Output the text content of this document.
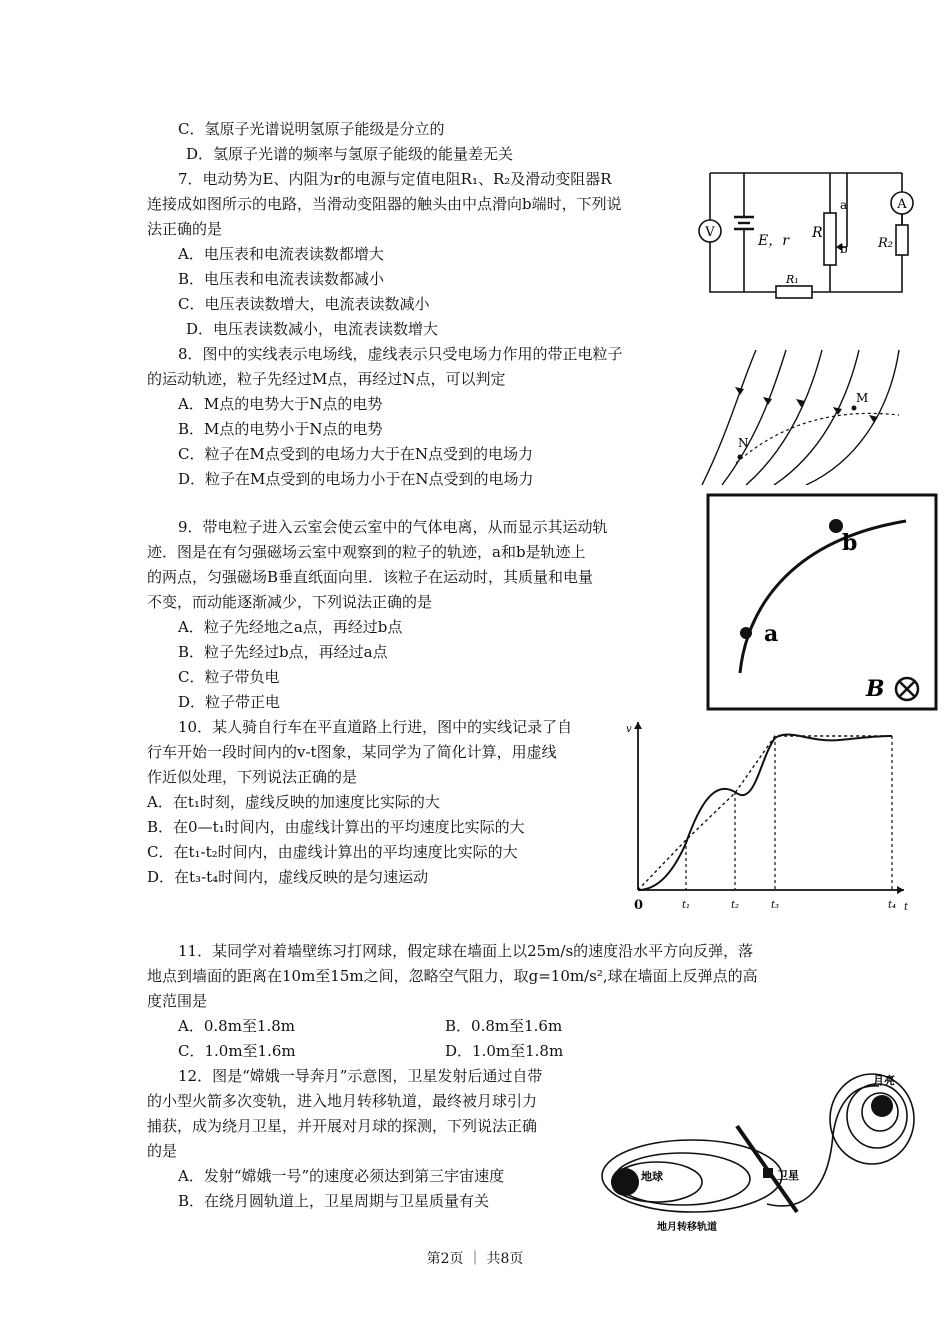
C．氢原子光谱说明氢原子能级是分立的
D．氢原子光谱的频率与氢原子能级的能量差无关
7．电动势为E、内阻为r的电源与定值电阻R₁、R₂及滑动变阻器R
连接成如图所示的电路，当滑动变阻器的触头由中点滑向b端时，下列说
法正确的是
A．电压表和电流表读数都增大
B．电压表和电流表读数都减小
C．电压表读数增大，电流表读数减小
D．电压表读数减小，电流表读数增大
8．图中的实线表示电场线，虚线表示只受电场力作用的带正电粒子
的运动轨迹，粒子先经过M点，再经过N点，可以判定
A．M点的电势大于N点的电势
B．M点的电势小于N点的电势
C．粒子在M点受到的电场力大于在N点受到的电场力
D．粒子在M点受到的电场力小于在N点受到的电场力
9．带电粒子进入云室会使云室中的气体电离，从而显示其运动轨
迹．图是在有匀强磁场云室中观察到的粒子的轨迹，a和b是轨迹上
的两点，匀强磁场B垂直纸面向里．该粒子在运动时，其质量和电量
不变，而动能逐渐减少，下列说法正确的是
A．粒子先经地之a点，再经过b点
B．粒子先经过b点，再经过a点
C．粒子带负电
D．粒子带正电
10．某人骑自行车在平直道路上行进，图中的实线记录了自
行车开始一段时间内的v-t图象，某同学为了简化计算，用虚线
作近似处理，下列说法正确的是
A．在t₁时刻，虚线反映的加速度比实际的大
B．在0—t₁时间内，由虚线计算出的平均速度比实际的大
C．在t₁-t₂时间内，由虚线计算出的平均速度比实际的大
D．在t₃-t₄时间内，虚线反映的是匀速运动
11．某同学对着墙壁练习打网球，假定球在墙面上以25m/s的速度沿水平方向反弹，落
地点到墙面的距离在10m至15m之间，忽略空气阻力，取g=10m/s²,球在墙面上反弹点的高
度范围是
A．0.8m至1.8m	B．0.8m至1.6m
C．1.0m至1.6m	D．1.0m至1.8m
12．图是“嫦娥一导奔月”示意图，卫星发射后通过自带
的小型火箭多次变轨，进入地月转移轨道，最终被月球引力
捕获，成为绕月卫星，并开展对月球的探测，下列说法正确
的是
A．发射“嫦娥一号”的速度必须达到第三宇宙速度
B．在绕月圆轨道上，卫星周期与卫星质量有关
V
A
E，r R
a
b R₂
R₁
M
N
a
b
B
v
t
0	t₁	t₂	t₃	t₄
地球
月亮
卫星
地月转移轨道
第2页 ｜ 共8页
